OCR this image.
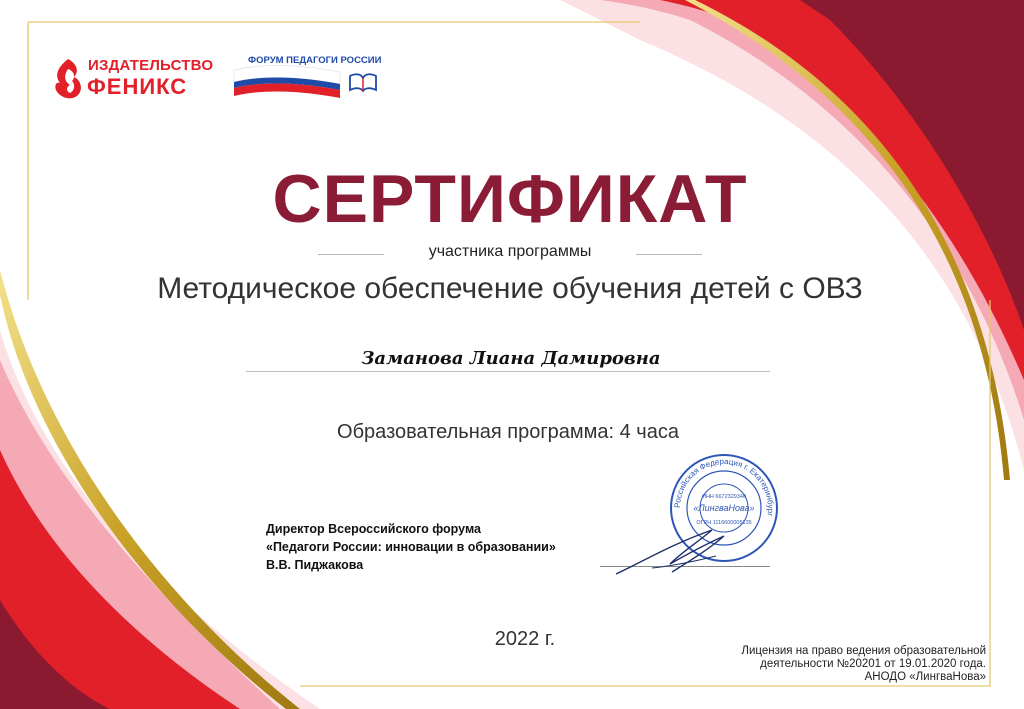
ИЗДАТЕЛЬСТВО
ФЕНИКС
ФОРУМ ПЕДАГОГИ РОССИИ
СЕРТИФИКАТ
участника программы
Методическое обеспечение обучения детей с ОВЗ
Заманова Лиана Дамировна
Образовательная программа: 4 часа
Директор Всероссийского форума
«Педагоги России: инновации в образовании»
В.В. Пиджакова
Российская Федерация г. Екатеринбург
ИНН 6672329340
«ЛингваНова»
ОГРН 1116600005135
2022 г.
Лицензия на право ведения образовательной
деятельности №20201 от 19.01.2020 года.
АНОДО «ЛингваНова»
